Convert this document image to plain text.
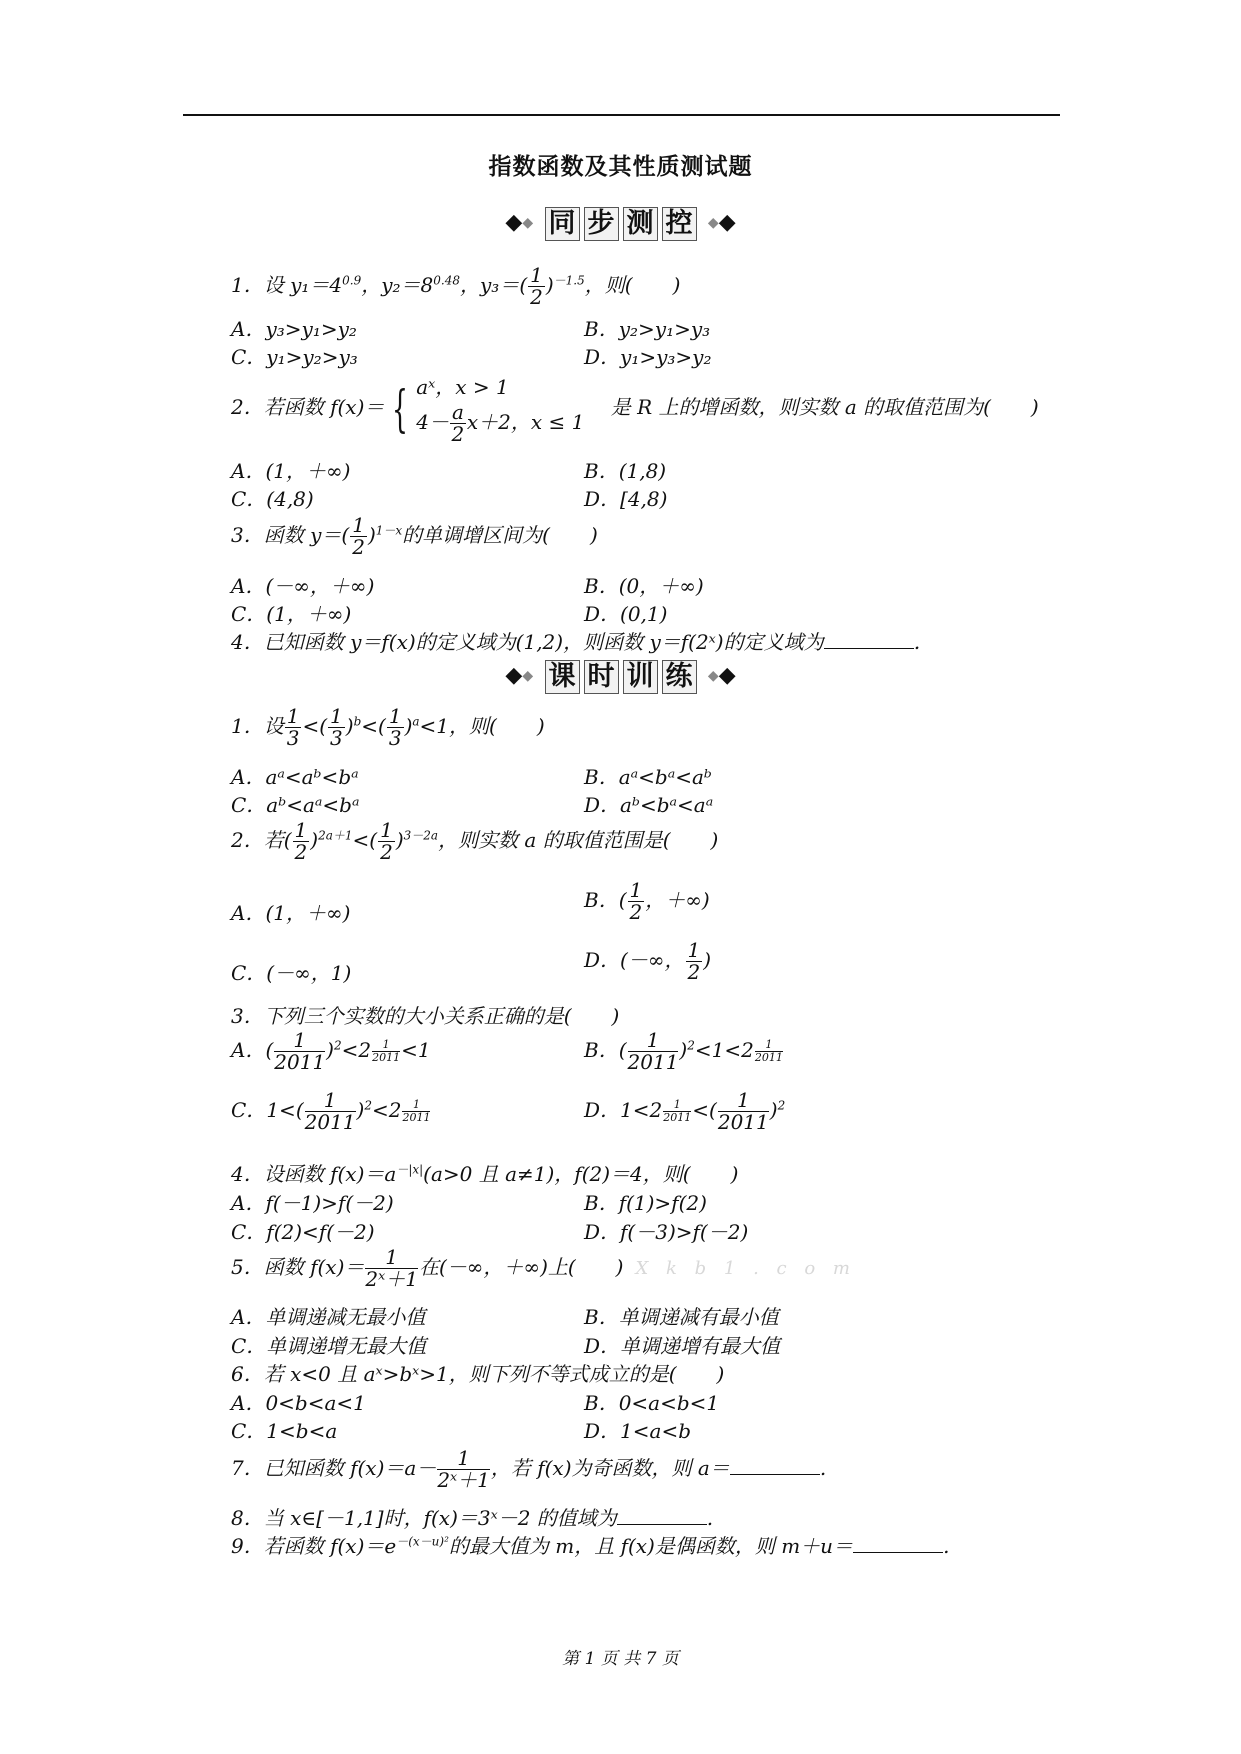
指数函数及其性质测试题
◆◆ 同 步 测 控 ◆◆
1．设 $y_1=4^{0.9}$，$y_2=8^{0.48}$，$y_3=( \frac{1}{2} )^{-1.5}$，则(　　)
A．y₃>y₁>y₂	B．y₂>y₁>y₃
C．y₁>y₂>y₃	D．y₁>y₃>y₂
2．若函数 f(x)＝ { aˣ，x > 1
$4- \frac{a}{2} x+2$，x ≤ 1
是 R 上的增函数，则实数 a 的取值范围为(　　)
A．(1，＋∞)	B．(1,8)
C．(4,8)	D．[4,8)
3．函数 $y=( \frac{1}{2} )^{1-x}$的单调增区间为(　　)
A．(－∞，＋∞)	B．(0，＋∞)
C．(1，＋∞)	D．(0,1)
4．已知函数 y＝f(x)的定义域为(1,2)，则函数 y＝f(2ˣ)的定义域为	．
◆◆ 课 时 训 练 ◆◆
1．设 $\frac{1}{3}$ <( $\frac{1}{3} )^b<( \frac{1}{3} )^a<1$，则(　　)
A．aᵃ<aᵇ<bᵃ	B．aᵃ<bᵃ<aᵇ
C．aᵇ<aᵃ<bᵃ	D．aᵇ<bᵃ<aᵃ
2．若( $\frac{1}{2} )^{2a+1}<( \frac{1}{2} )^{3-2a}$，则实数 a 的取值范围是(　　)
A．(1，＋∞)
B．( $\frac{1}{2}$ ，＋∞)
C．(－∞，1)
D．(－∞， $\frac{1}{2}$ )
3．下列三个实数的大小关系正确的是(　　)
A．( $\frac{1}{2011} )^2<2 \frac{1}{2011} <1$	B．( $\frac{1}{2011} )^2<1<2 \frac{1}{2011}$
C．$1<( \frac{1}{2011} )^2<2 \frac{1}{2011}$	D．$1<2 \frac{1}{2011}$ <( $\frac{1}{2011} )^2$
4．设函数 $f(x)=a^{-|x|}(a>0$ 且 a≠1)，f(2)＝4，则(　　)
A．f(－1)>f(－2)	B．f(1)>f(2)
C．f(2)<f(－2)	D．f(－3)>f(－2)
5．函数 $f(x)= \frac{1}{\text{2ˣ＋1}}$ 在(－∞，＋∞)上(　　) X k b 1 . c o m
A．单调递减无最小值	B．单调递减有最小值
C．单调递增无最大值	D．单调递增有最大值
6．若 x<0 且 aˣ>bˣ>1，则下列不等式成立的是(　　)
A．0<b<a<1	B．0<a<b<1
C．1<b<a	D．1<a<b
7．已知函数 $f(x)=a- \frac{1}{\text{2ˣ＋1}}$ ，若 f(x)为奇函数，则 a＝	.
8．当 x∈[－1,1]时，f(x)＝3ˣ－2 的值域为	.
9．若函数 $f(x)=e^{-(x-u)^2}$的最大值为 m，且 f(x)是偶函数，则 m＋u＝	.
第 1 页 共 7 页
